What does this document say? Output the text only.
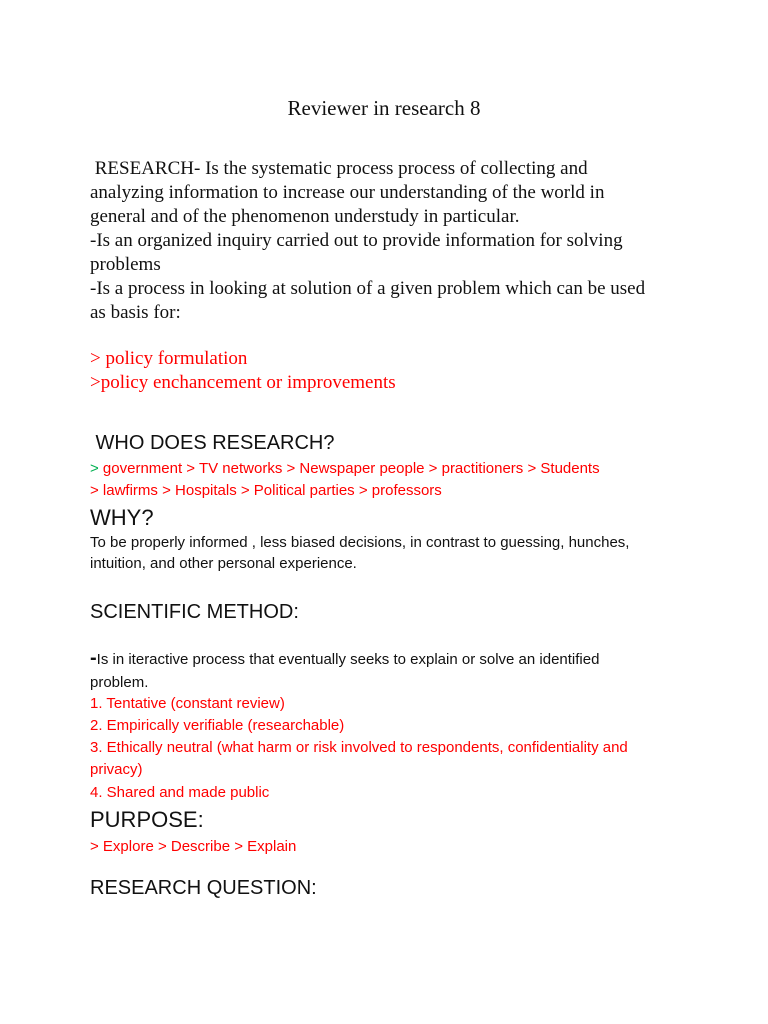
Reviewer in research 8

RESEARCH- Is the systematic process process of collecting and

analyzing information to increase our understanding of the world in

general and of the phenomenon understudy in particular.

-Is an organized inquiry carried out to provide information for solving

problems

-Is a process in looking at solution of a given problem which can be used

as basis for:

> policy formulation
>policy enchancement or improvements
WHO DOES RESEARCH?
> government > TV networks > Newspaper people > practitioners > Students
> lawfirms > Hospitals > Political parties > professors
WHY?
To be properly informed , less biased decisions, in contrast to guessing, hunches,
intuition, and other personal experience.
SCIENTIFIC METHOD:
-Is in iteractive process that eventually seeks to explain or solve an identified
problem.
1. Tentative (constant review)
2. Empirically verifiable (researchable)
3. Ethically neutral (what harm or risk involved to respondents, confidentiality and
privacy)
4. Shared and made public
PURPOSE:
> Explore > Describe > Explain
RESEARCH QUESTION:
